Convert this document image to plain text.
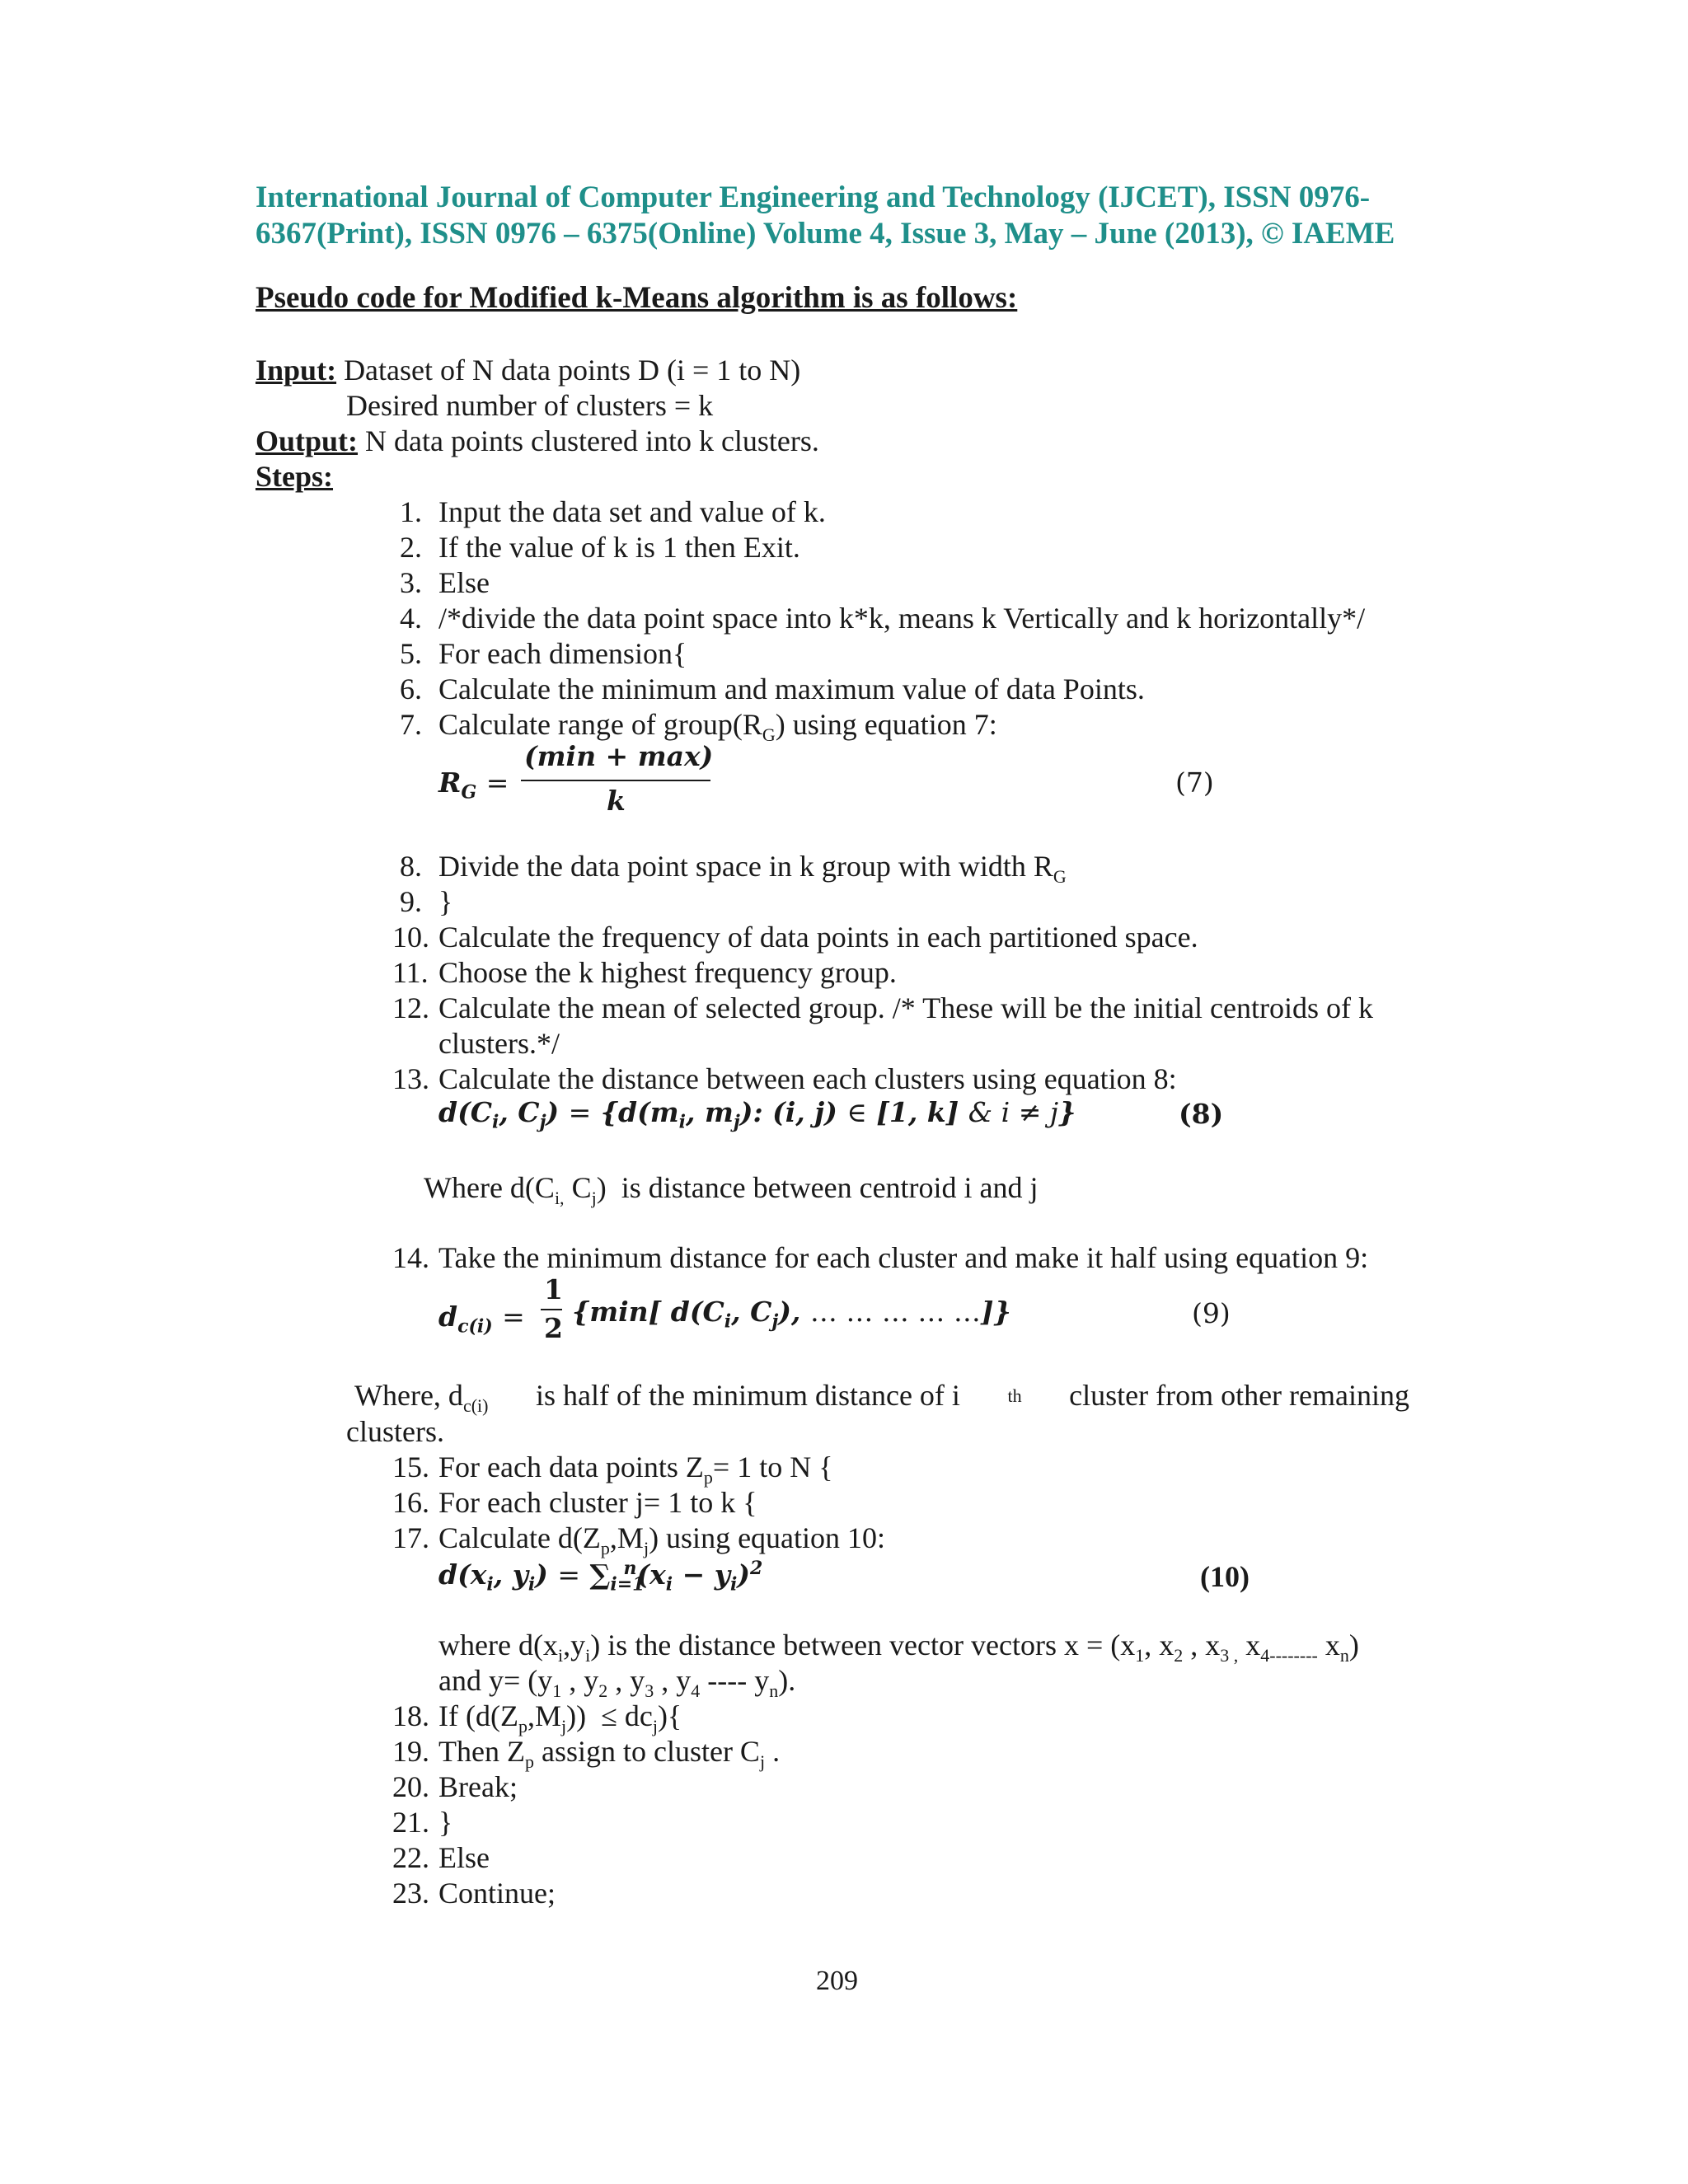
International Journal of Computer Engineering and Technology (IJCET), ISSN 0976-
6367(Print), ISSN 0976 – 6375(Online) Volume 4, Issue 3, May – June (2013), © IAEME
Pseudo code for Modified k-Means algorithm is as follows:
Input: Dataset of N data points D (i = 1 to N)
Desired number of clusters = k
Output: N data points clustered into k clusters.
Steps:
1. Input the data set and value of k.
2. If the value of k is 1 then Exit.
3. Else
4. /*divide the data point space into k*k, means k Vertically and k horizontally*/
5. For each dimension{
6. Calculate the minimum and maximum value of data Points.
7. Calculate range of $group(R_G)$ using equation 7:
$R_G$ =
(min + max)
k
(7)
8. Divide the data point space in k group with width $R_G$
9. }
10. Calculate the frequency of data points in each partitioned space.
11. Choose the k highest frequency group.
12. Calculate the mean of selected group. /* These will be the initial centroids of k
clusters.*/
13. Calculate the distance between each clusters using equation 8:
$d(C_i$, $C_j) = \{d(m_i$, $m_j$): (i, j) ∈ [1, k] & i ≠ j}	(8)
Where $d(C_{i,}$ $C_j$)  is distance between centroid i and j
14. Take the minimum distance for each cluster and make it half using equation 9:
$d_{c(i)}$ =
1
2
{min[ $d(C_i$, $C_j$), … … … … …]}	(9)
Where, $d_{c(i)}$ is half of the minimum distance of i	$^{th}$ cluster from other remaining
clusters.
15. For each data points $Z_p= 1$ to N {
16. For each cluster j= 1 to k {
17. Calculate $d(Z_p,M_j)$ using equation 10:
$d(x_i$, $y_i) = \sum_{i=1}^n(x_i - y_i)^2$	(10)
where $d(x_i,y_i)$ is the distance between vector vectors $x = (x_1$, $x_2$ , $x_{3 ,}$ $x_{4--------}$ $x_n$)
and $y= (y_1$ , $y_2$ , $y_3$ , $y_4$ ---- $y_n$).
18. If $(d(Z_p,M_j)) \le dc_j$){
19. Then $Z_p$ assign to cluster $C_j$ .
20. Break;
21. }
22. Else
23. Continue;
209
